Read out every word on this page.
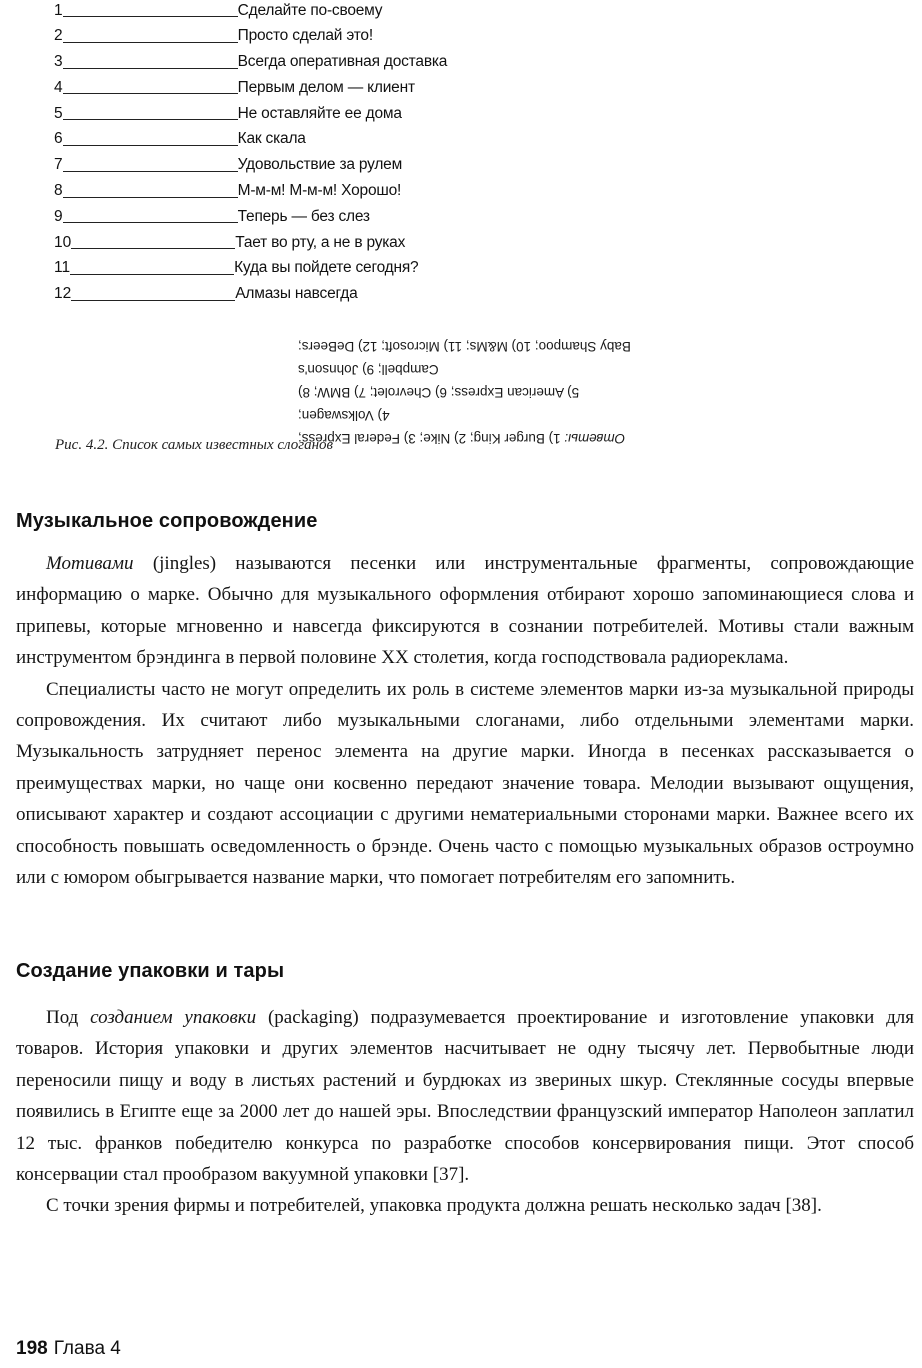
1	Сделайте по-своему
2	Просто сделай это!
3	Всегда оперативная доставка
4	Первым делом — клиент
5	Не оставляйте ее дома
6	Как скала
7	Удовольствие за рулем
8	М-м-м! М-м-м! Хорошо!
9	Теперь — без слез
10	Тает во рту, а не в руках
11	Куда вы пойдете сегодня?
12	Алмазы навсегда
Ответы: 1) Burger King; 2) Nike; 3) Federal Express; 4) Volkswagen;
5) American Express; 6) Chevrolet; 7) BMW; 8) Campbell; 9) Johnson's
Baby Shampoo; 10) M&Ms; 11) Microsoft; 12) DeBeers;
Рис. 4.2. Список самых известных слоганов
Музыкальное сопровождение

Мотивами (jingles) называются песенки или инструментальные фрагменты, сопровождающие информацию о марке. Обычно для музыкального оформления отбирают хорошо запоминающиеся слова и припевы, которые мгновенно и навсегда фиксируются в сознании потребителей. Мотивы стали важным инструментом брэндинга в первой половине XX столетия, когда господствовала радиореклама.

Специалисты часто не могут определить их роль в системе элементов марки из-за музыкальной природы сопровождения. Их считают либо музыкальными слоганами, либо отдельными элементами марки. Музыкальность затрудняет перенос элемента на другие марки. Иногда в песенках рассказывается о преимуществах марки, но чаще они косвенно передают значение товара. Мелодии вызывают ощущения, описывают характер и создают ассоциации с другими нематериальными сторонами марки. Важнее всего их способность повышать осведомленность о брэнде. Очень часто с помощью музыкальных образов остроумно или с юмором обыгрывается название марки, что помогает потребителям его запомнить.

Создание упаковки и тары

Под созданием упаковки (packaging) подразумевается проектирование и изготовление упаковки для товаров. История упаковки и других элементов насчитывает не одну тысячу лет. Первобытные люди переносили пищу и воду в листьях растений и бурдюках из звериных шкур. Стеклянные сосуды впервые появились в Египте еще за 2000 лет до нашей эры. Впоследствии французский император Наполеон заплатил 12 тыс. франков победителю конкурса по разработке способов консервирования пищи. Этот способ консервации стал прообразом вакуумной упаковки [37].

С точки зрения фирмы и потребителей, упаковка продукта должна решать несколько задач [38].

198 Глава 4
